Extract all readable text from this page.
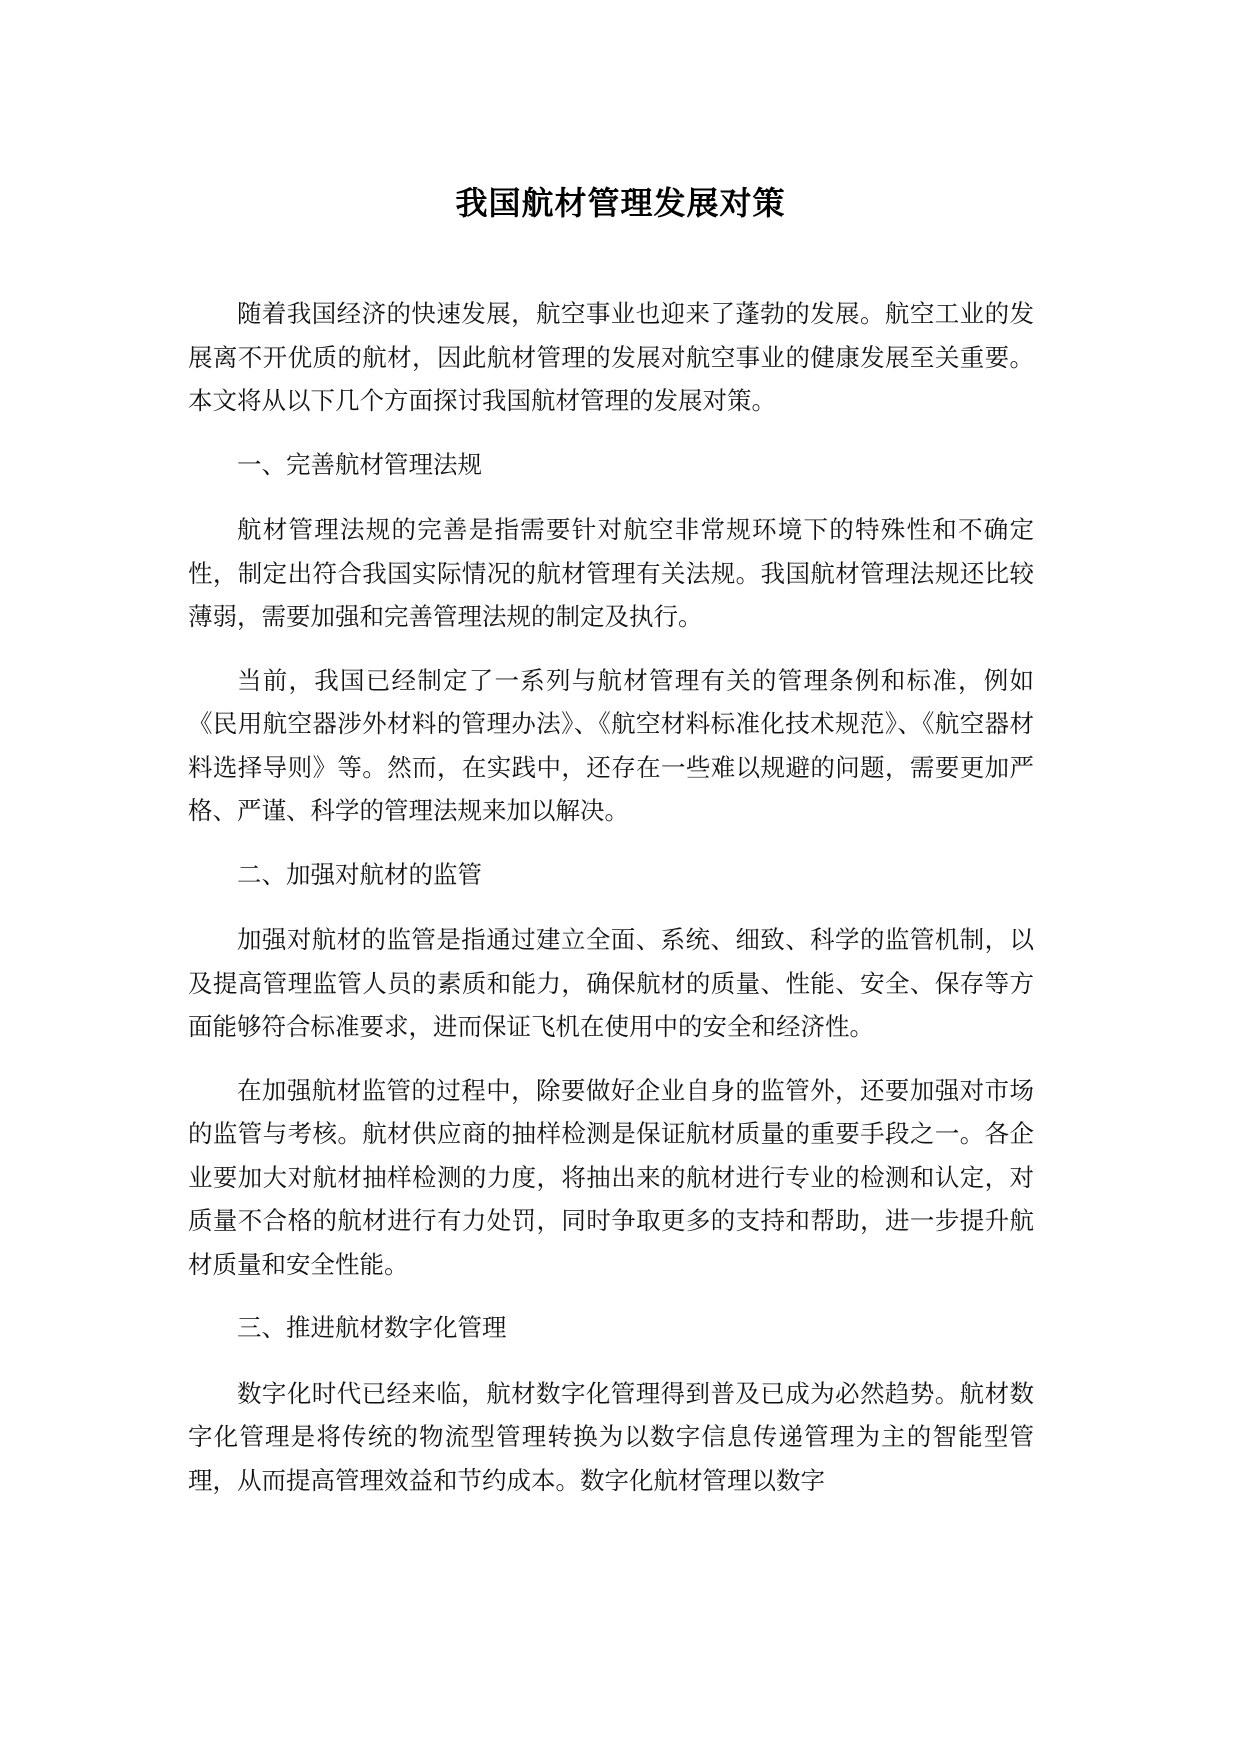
我国航材管理发展对策

随着我国经济的快速发展，航空事业也迎来了蓬勃的发展。航空工业的发展离不开优质的航材，因此航材管理的发展对航空事业的健康发展至关重要。本文将从以下几个方面探讨我国航材管理的发展对策。

一、完善航材管理法规

航材管理法规的完善是指需要针对航空非常规环境下的特殊性和不确定性，制定出符合我国实际情况的航材管理有关法规。我国航材管理法规还比较薄弱，需要加强和完善管理法规的制定及执行。

当前，我国已经制定了一系列与航材管理有关的管理条例和标准，例如《民用航空器涉外材料的管理办法》、《航空材料标准化技术规范》、《航空器材料选择导则》等。然而，在实践中，还存在一些难以规避的问题，需要更加严格、严谨、科学的管理法规来加以解决。

二、加强对航材的监管

加强对航材的监管是指通过建立全面、系统、细致、科学的监管机制，以及提高管理监管人员的素质和能力，确保航材的质量、性能、安全、保存等方面能够符合标准要求，进而保证飞机在使用中的安全和经济性。

在加强航材监管的过程中，除要做好企业自身的监管外，还要加强对市场的监管与考核。航材供应商的抽样检测是保证航材质量的重要手段之一。各企业要加大对航材抽样检测的力度，将抽出来的航材进行专业的检测和认定，对质量不合格的航材进行有力处罚，同时争取更多的支持和帮助，进一步提升航材质量和安全性能。

三、推进航材数字化管理

数字化时代已经来临，航材数字化管理得到普及已成为必然趋势。航材数字化管理是将传统的物流型管理转换为以数字信息传递管理为主的智能型管理，从而提高管理效益和节约成本。数字化航材管理以数字
